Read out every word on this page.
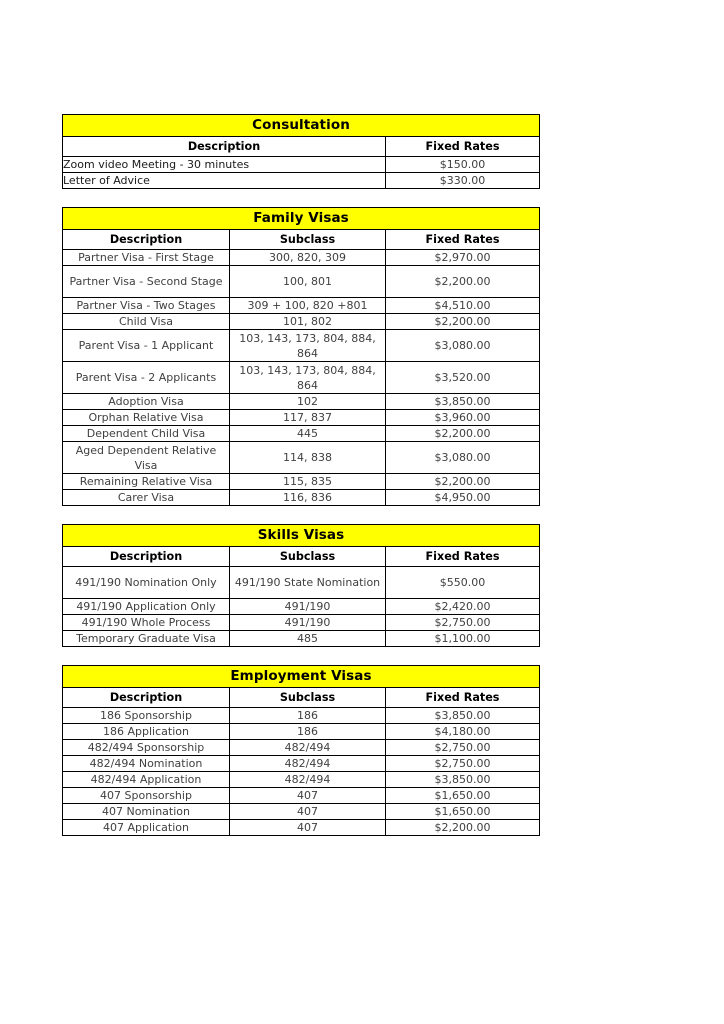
Consultation	
Description	Fixed Rates
Zoom video Meeting - 30 minutes	$150.00
Letter of Advice	$330.00
Family Visas		
Description	Subclass	Fixed Rates
Partner Visa - First Stage	300, 820, 309	$2,970.00
Partner Visa - Second Stage	100, 801	$2,200.00
Partner Visa - Two Stages	309 + 100, 820 +801	$4,510.00
Child Visa	101, 802	$2,200.00
Parent Visa - 1 Applicant	103, 143, 173, 804, 884, 864	$3,080.00
Parent Visa - 2 Applicants	103, 143, 173, 804, 884, 864	$3,520.00
Adoption Visa	102	$3,850.00
Orphan Relative Visa	117, 837	$3,960.00
Dependent Child Visa	445	$2,200.00
Aged Dependent Relative Visa	114, 838	$3,080.00
Remaining Relative Visa	115, 835	$2,200.00
Carer Visa	116, 836	$4,950.00
Skills Visas		
Description	Subclass	Fixed Rates
491/190 Nomination Only	491/190 State Nomination	$550.00
491/190 Application Only	491/190	$2,420.00
491/190 Whole Process	491/190	$2,750.00
Temporary Graduate Visa	485	$1,100.00
Employment Visas		
Description	Subclass	Fixed Rates
186 Sponsorship	186	$3,850.00
186 Application	186	$4,180.00
482/494 Sponsorship	482/494	$2,750.00
482/494 Nomination	482/494	$2,750.00
482/494 Application	482/494	$3,850.00
407 Sponsorship	407	$1,650.00
407 Nomination	407	$1,650.00
407 Application	407	$2,200.00
